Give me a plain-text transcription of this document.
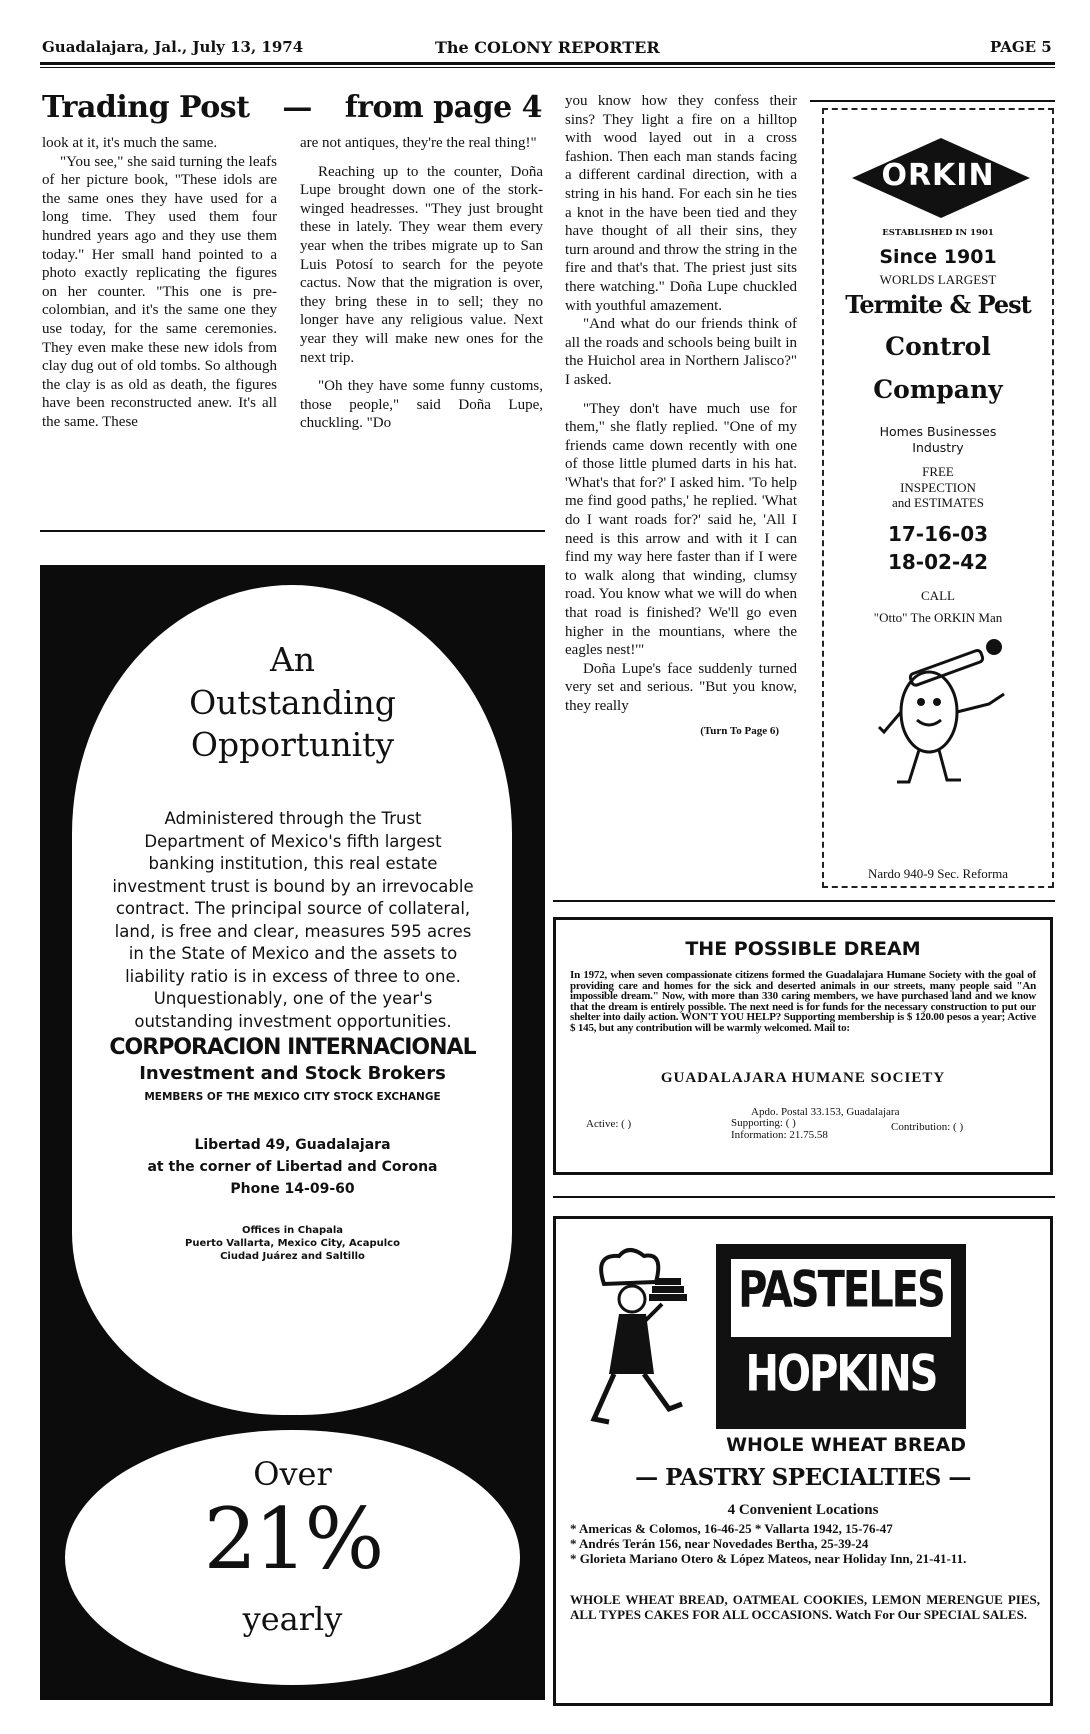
Guadalajara, Jal., July 13, 1974	The COLONY REPORTER	PAGE 5
Trading Post — from page 4

look at it, it's much the same.

"You see," she said turning the leafs of her picture book, "These idols are the same ones they have used for a long time. They used them four hundred years ago and they use them today." Her small hand pointed to a photo exactly replicating the figures on her counter. "This one is pre-colombian, and it's the same one they use today, for the same ceremonies. They even make these new idols from clay dug out of old tombs. So although the clay is as old as death, the figures have been reconstructed anew. It's all the same. These

are not antiques, they're the real thing!"

Reaching up to the counter, Doña Lupe brought down one of the stork-winged headresses. "They just brought these in lately. They wear them every year when the tribes migrate up to San Luis Potosí to search for the peyote cactus. Now that the migration is over, they bring these in to sell; they no longer have any religious value. Next year they will make new ones for the next trip.

"Oh they have some funny customs, those people," said Doña Lupe, chuckling. "Do

you know how they confess their sins? They light a fire on a hilltop with wood layed out in a cross fashion. Then each man stands facing a different cardinal direction, with a string in his hand. For each sin he ties a knot in the have been tied and they have thought of all their sins, they turn around and throw the string in the fire and that's that. The priest just sits there watching." Doña Lupe chuckled with youthful amazement.

"And what do our friends think of all the roads and schools being built in the Huichol area in Northern Jalisco?" I asked.

"They don't have much use for them," she flatly replied. "One of my friends came down recently with one of those little plumed darts in his hat. 'What's that for?' I asked him. 'To help me find good paths,' he replied. 'What do I want roads for?' said he, 'All I need is this arrow and with it I can find my way here faster than if I were to walk along that winding, clumsy road. You know what we will do when that road is finished? We'll go even higher in the mountians, where the eagles nest!'"

Doña Lupe's face suddenly turned very set and serious. "But you know, they really

(Turn To Page 6)
An
Outstanding
Opportunity
Administered through the Trust Department of Mexico's fifth largest banking institution, this real estate investment trust is bound by an irrevocable contract. The principal source of collateral, land, is free and clear, measures 595 acres in the State of Mexico and the assets to liability ratio is in excess of three to one. Unquestionably, one of the year's outstanding investment opportunities.
CORPORACION INTERNACIONAL
Investment and Stock Brokers
MEMBERS OF THE MEXICO CITY STOCK EXCHANGE
Libertad 49, Guadalajara
at the corner of Libertad and Corona
Phone 14-09-60
Offices in Chapala
Puerto Vallarta, Mexico City, Acapulco
Ciudad Juárez and Saltillo
Over
21%
yearly
ORKIN
ESTABLISHED IN 1901
Since 1901
WORLDS LARGEST
Termite & Pest
Control
Company
Homes Businesses
Industry
FREE
INSPECTION
and ESTIMATES
17-16-03
18-02-42
CALL
"Otto" The ORKIN Man
Nardo 940-9 Sec. Reforma
THE POSSIBLE DREAM
In 1972, when seven compassionate citizens formed the Guadalajara Humane Society with the goal of providing care and homes for the sick and deserted animals in our streets, many people said "An impossible dream." Now, with more than 330 caring members, we have purchased land and we know that the dream is entirely possible. The next need is for funds for the necessary construction to put our shelter into daily action. WON'T YOU HELP? Supporting membership is $ 120.00 pesos a year; Active $ 145, but any contribution will be warmly welcomed. Mail to:
GUADALAJARA HUMANE SOCIETY
Apdo. Postal 33.153, Guadalajara
Active: ( )	Supporting: ( )	Contribution: ( )
Information: 21.75.58
PASTELES
HOPKINS
WHOLE WHEAT BREAD
— PASTRY SPECIALTIES —
4 Convenient Locations
* Americas & Colomos, 16-46-25 * Vallarta 1942, 15-76-47
* Andrés Terán 156, near Novedades Bertha, 25-39-24
* Glorieta Mariano Otero & López Mateos, near Holiday Inn, 21-41-11.
WHOLE WHEAT BREAD, OATMEAL COOKIES, LEMON MERENGUE PIES, ALL TYPES CAKES FOR ALL OCCASIONS. Watch For Our SPECIAL SALES.
